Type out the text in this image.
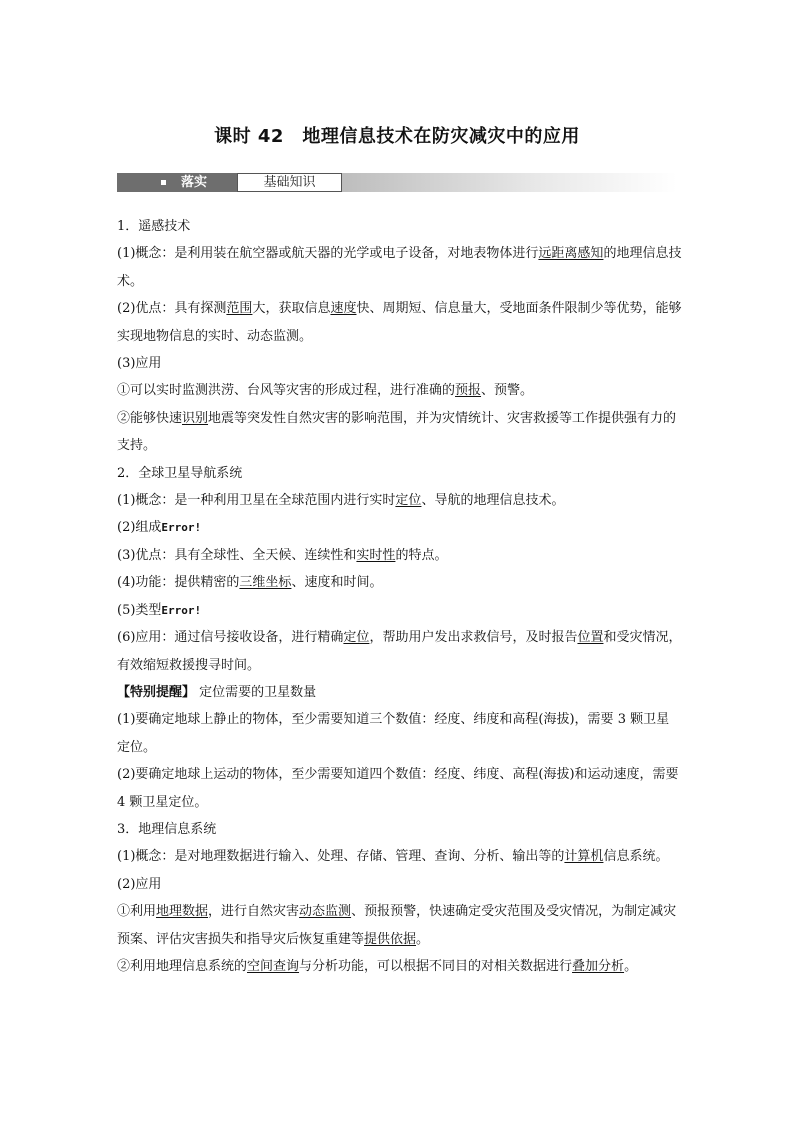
课时 42　地理信息技术在防灾减灾中的应用
落实	基础知识

1．遥感技术

(1)概念：是利用装在航空器或航天器的光学或电子设备，对地表物体进行远距离感知的地理信息技术。

(2)优点：具有探测范围大，获取信息速度快、周期短、信息量大，受地面条件限制少等优势，能够实现地物信息的实时、动态监测。

(3)应用

①可以实时监测洪涝、台风等灾害的形成过程，进行准确的预报、预警。

②能够快速识别地震等突发性自然灾害的影响范围，并为灾情统计、灾害救援等工作提供强有力的支持。

2．全球卫星导航系统

(1)概念：是一种利用卫星在全球范围内进行实时定位、导航的地理信息技术。

(2)组成Error!

(3)优点：具有全球性、全天候、连续性和实时性的特点。

(4)功能：提供精密的三维坐标、速度和时间。

(5)类型Error!

(6)应用：通过信号接收设备，进行精确定位，帮助用户发出求救信号，及时报告位置和受灾情况，有效缩短救援搜寻时间。

【特别提醒】 定位需要的卫星数量

(1)要确定地球上静止的物体，至少需要知道三个数值：经度、纬度和高程(海拔)，需要 3 颗卫星定位。

(2)要确定地球上运动的物体，至少需要知道四个数值：经度、纬度、高程(海拔)和运动速度，需要 4 颗卫星定位。

3．地理信息系统

(1)概念：是对地理数据进行输入、处理、存储、管理、查询、分析、输出等的计算机信息系统。

(2)应用

①利用地理数据，进行自然灾害动态监测、预报预警，快速确定受灾范围及受灾情况，为制定减灾预案、评估灾害损失和指导灾后恢复重建等提供依据。

②利用地理信息系统的空间查询与分析功能，可以根据不同目的对相关数据进行叠加分析。
